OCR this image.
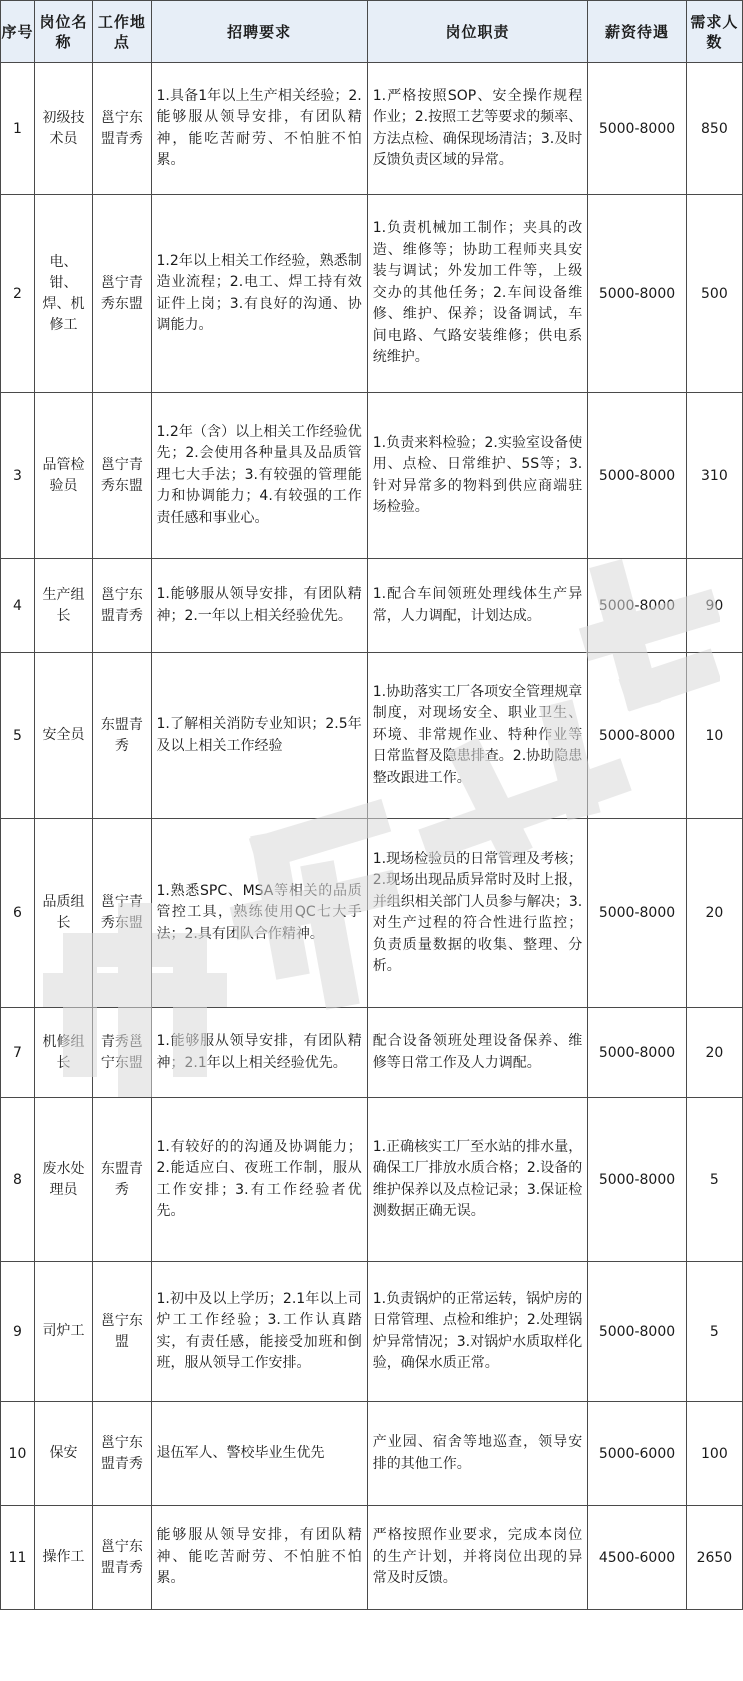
序号	岗位名称	工作地点	招聘要求	岗位职责	薪资待遇	需求人数
1	初级技术员	邕宁东盟青秀	1.具备1年以上生产相关经验；2.能够服从领导安排，有团队精神，能吃苦耐劳、不怕脏不怕累。	1.严格按照SOP、安全操作规程作业；2.按照工艺等要求的频率、方法点检、确保现场清洁；3.及时反馈负责区域的异常。	5000-8000	850
2	电、钳、焊、机修工	邕宁青秀东盟	1.2年以上相关工作经验，熟悉制造业流程；2.电工、焊工持有效证件上岗；3.有良好的沟通、协调能力。	1.负责机械加工制作；夹具的改造、维修等；协助工程师夹具安装与调试；外发加工件等，上级交办的其他任务；2.车间设备维修、维护、保养；设备调试，车间电路、气路安装维修；供电系统维护。	5000-8000	500
3	品管检验员	邕宁青秀东盟	1.2年（含）以上相关工作经验优先；2.会使用各种量具及品质管理七大手法；3.有较强的管理能力和协调能力；4.有较强的工作责任感和事业心。	1.负责来料检验；2.实验室设备使用、点检、日常维护、5S等；3.针对异常多的物料到供应商端驻场检验。	5000-8000	310
4	生产组长	邕宁东盟青秀	1.能够服从领导安排，有团队精神；2.一年以上相关经验优先。	1.配合车间领班处理线体生产异常，人力调配，计划达成。	5000-8000	90
5	安全员	东盟青秀	1.了解相关消防专业知识；2.5年及以上相关工作经验	1.协助落实工厂各项安全管理规章制度，对现场安全、职业卫生、环境、非常规作业、特种作业等日常监督及隐患排查。2.协助隐患整改跟进工作。	5000-8000	10
6	品质组长	邕宁青秀东盟	1.熟悉SPC、MSA等相关的品质管控工具，熟练使用QC七大手法；2.具有团队合作精神。	1.现场检验员的日常管理及考核；2.现场出现品质异常时及时上报，并组织相关部门人员参与解决；3.对生产过程的符合性进行监控；负责质量数据的收集、整理、分析。	5000-8000	20
7	机修组长	青秀邕宁东盟	1.能够服从领导安排，有团队精神；2.1年以上相关经验优先。	配合设备领班处理设备保养、维修等日常工作及人力调配。	5000-8000	20
8	废水处理员	东盟青秀	1.有较好的的沟通及协调能力；2.能适应白、夜班工作制，服从工作安排；3.有工作经验者优先。	1.正确核实工厂至水站的排水量，确保工厂排放水质合格；2.设备的维护保养以及点检记录；3.保证检测数据正确无误。	5000-8000	5
9	司炉工	邕宁东盟	1.初中及以上学历；2.1年以上司炉工工作经验；3.工作认真踏实，有责任感，能接受加班和倒班，服从领导工作安排。	1.负责锅炉的正常运转，锅炉房的日常管理、点检和维护；2.处理锅炉异常情况；3.对锅炉水质取样化验，确保水质正常。	5000-8000	5
10	保安	邕宁东盟青秀	退伍军人、警校毕业生优先	产业园、宿舍等地巡查，领导安排的其他工作。	5000-6000	100
11	操作工	邕宁东盟青秀	能够服从领导安排，有团队精神、能吃苦耐劳、不怕脏不怕累。	严格按照作业要求，完成本岗位的生产计划，并将岗位出现的异常及时反馈。	4500-6000	2650
